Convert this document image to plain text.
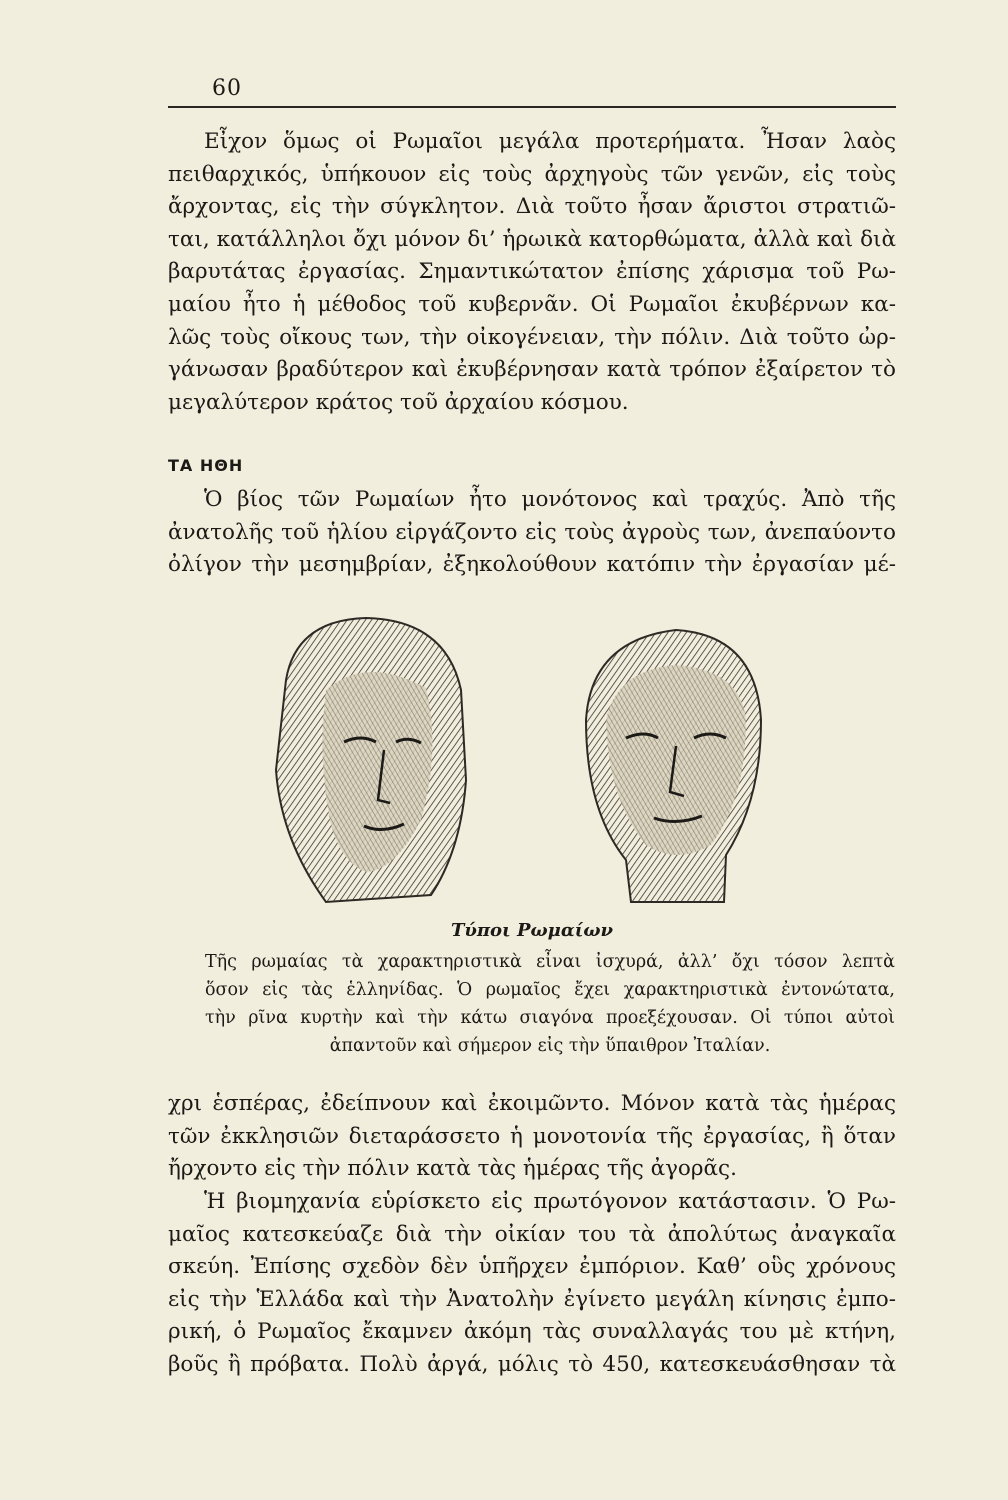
60

Εἶχον ὅμως οἱ Ρωμαῖοι μεγάλα προτερήματα. Ἦσαν λαὸς
πειθαρχικός, ὑπήκουον εἰς τοὺς ἀρχηγοὺς τῶν γενῶν, εἰς τοὺς
ἄρχοντας, εἰς τὴν σύγκλητον. Διὰ τοῦτο ἦσαν ἄριστοι στρατιῶ-
ται, κατάλληλοι ὄχι μόνον δι’ ἡρωικὰ κατορθώματα, ἀλλὰ καὶ διὰ
βαρυτάτας ἐργασίας. Σημαντικώτατον ἐπίσης χάρισμα τοῦ Ρω-
μαίου ἦτο ἡ μέθοδος τοῦ κυβερνᾶν. Οἱ Ρωμαῖοι ἐκυβέρνων κα-
λῶς τοὺς οἴκους των, τὴν οἰκογένειαν, τὴν πόλιν. Διὰ τοῦτο ὠρ-
γάνωσαν βραδύτερον καὶ ἐκυβέρνησαν κατὰ τρόπον ἐξαίρετον τὸ
μεγαλύτερον κράτος τοῦ ἀρχαίου κόσμου.

ΤΑ ΗΘΗ

Ὁ βίος τῶν Ρωμαίων ἦτο μονότονος καὶ τραχύς. Ἀπὸ τῆς
ἀνατολῆς τοῦ ἡλίου εἰργάζοντο εἰς τοὺς ἀγροὺς των, ἀνεπαύοντο
ὀλίγον τὴν μεσημβρίαν, ἐξηκολούθουν κατόπιν τὴν ἐργασίαν μέ-

Τύποι Ρωμαίων
Τῆς ρωμαίας τὰ χαρακτηριστικὰ εἶναι ἰσχυρά, ἀλλ’ ὄχι τόσον λεπτὰ
ὅσον εἰς τὰς ἑλληνίδας. Ὁ ρωμαῖος ἔχει χαρακτηριστικὰ ἐντονώτατα,
τὴν ρῖνα κυρτὴν καὶ τὴν κάτω σιαγόνα προεξέχουσαν. Οἱ τύποι αὐτοὶ
ἀπαντοῦν καὶ σήμερον εἰς τὴν ὕπαιθρον Ἰταλίαν.

χρι ἑσπέρας, ἐδείπνουν καὶ ἐκοιμῶντο. Μόνον κατὰ τὰς ἡμέρας
τῶν ἐκκλησιῶν διεταράσσετο ἡ μονοτονία τῆς ἐργασίας, ἢ ὅταν
ἤρχοντο εἰς τὴν πόλιν κατὰ τὰς ἡμέρας τῆς ἀγορᾶς.

Ἡ βιομηχανία εὑρίσκετο εἰς πρωτόγονον κατάστασιν. Ὁ Ρω-
μαῖος κατεσκεύαζε διὰ τὴν οἰκίαν του τὰ ἀπολύτως ἀναγκαῖα
σκεύη. Ἐπίσης σχεδὸν δὲν ὑπῆρχεν ἐμπόριον. Καθ’ οὓς χρόνους
εἰς τὴν Ἑλλάδα καὶ τὴν Ἀνατολὴν ἐγίνετο μεγάλη κίνησις ἐμπο-
ρική, ὁ Ρωμαῖος ἔκαμνεν ἀκόμη τὰς συναλλαγάς του μὲ κτήνη,
βοῦς ἢ πρόβατα. Πολὺ ἀργά, μόλις τὸ 450, κατεσκευάσθησαν τὰ
